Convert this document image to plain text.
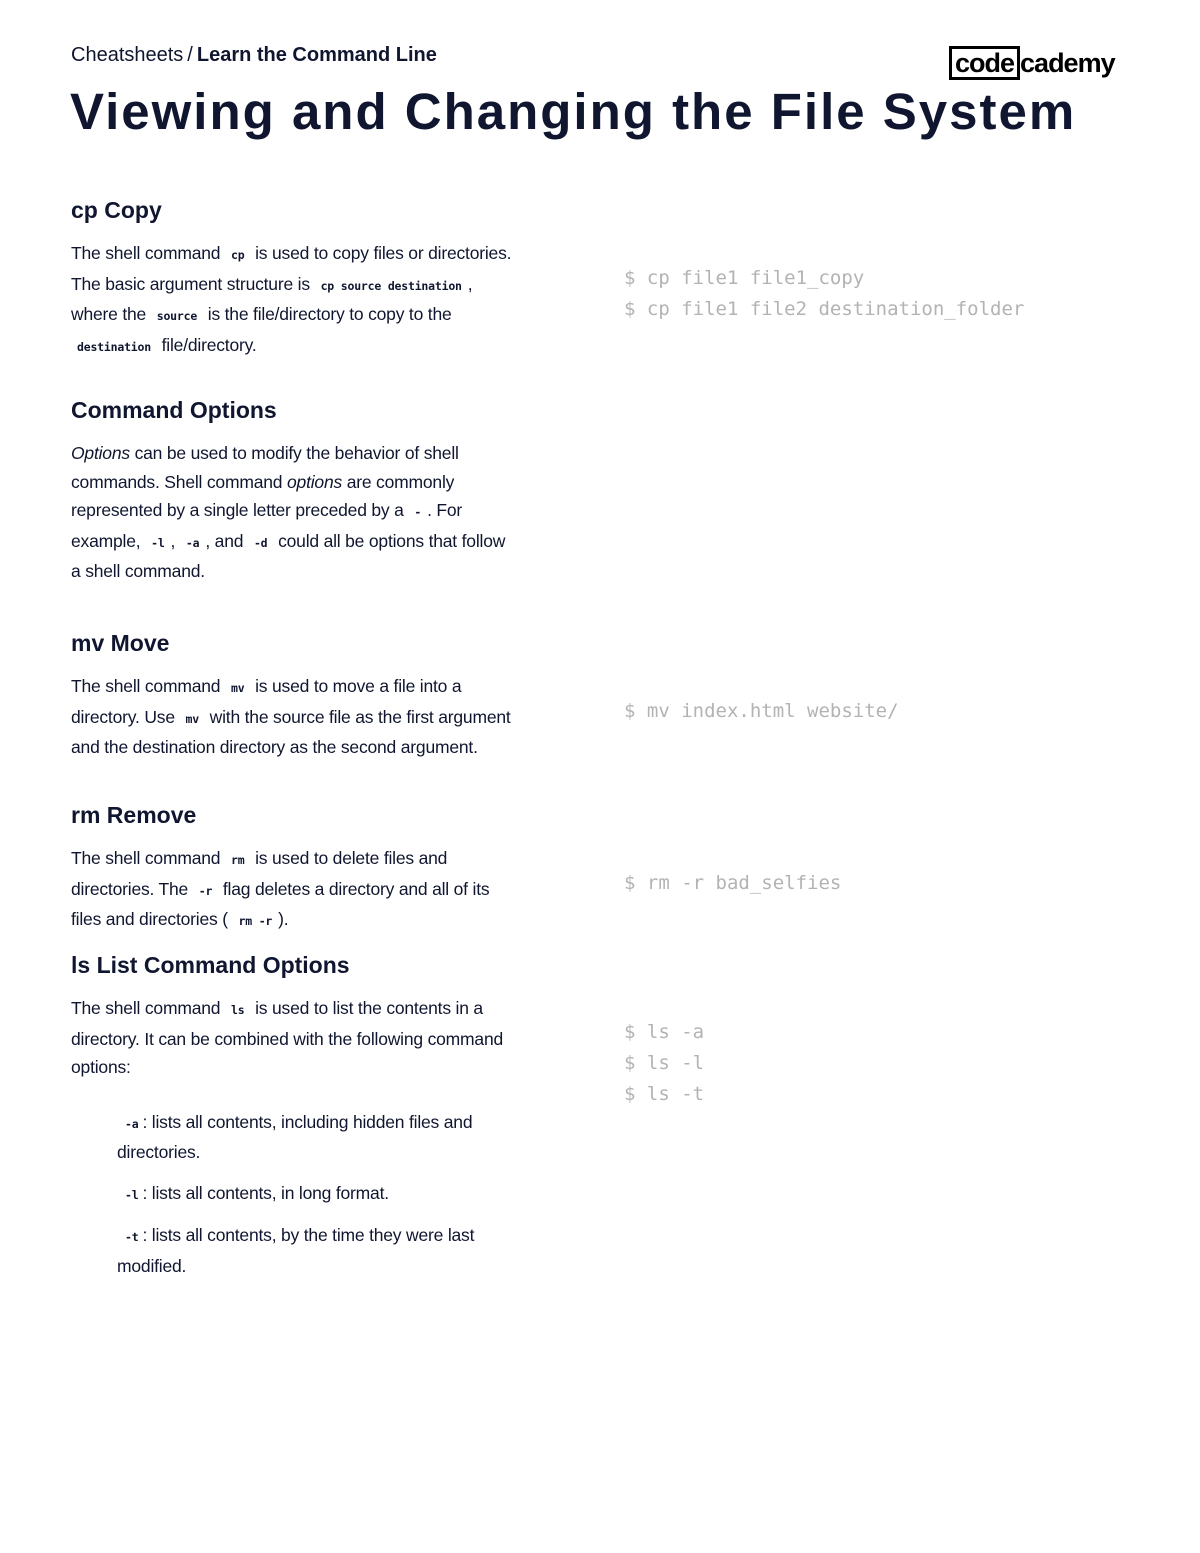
Cheatsheets / Learn the Command Line	code cademy
Viewing and Changing the File System
cp Copy

The shell command cp is used to copy files or directories.
The basic argument structure is cp source destination , where the source is the file/directory to copy to the destination file/directory.

$ cp file1 file1_copy
$ cp file1 file2 destination_folder
Command Options

Options can be used to modify the behavior of shell commands. Shell command options are commonly represented by a single letter preceded by a - . For example, -l , -a , and -d could all be options that follow a shell command.

mv Move

The shell command mv is used to move a file into a directory. Use mv with the source file as the first argument and the destination directory as the second argument.

$ mv index.html website/
rm Remove

The shell command rm is used to delete files and directories. The -r flag deletes a directory and all of its files and directories ( rm -r ).

$ rm -r bad_selfies
ls List Command Options

The shell command ls is used to list the contents in a directory. It can be combined with the following command options:

-a : lists all contents, including hidden files and directories.
-l : lists all contents, in long format.
-t : lists all contents, by the time they were last modified.
$ ls -a
$ ls -l
$ ls -t
